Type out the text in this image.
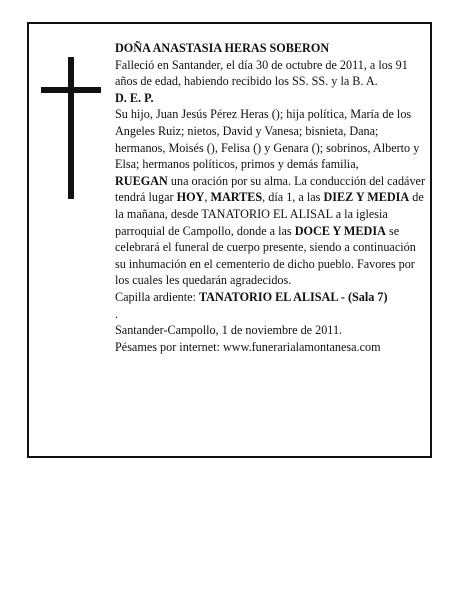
DOÑA ANASTASIA HERAS SOBERON

Falleció en Santander, el día 30 de octubre de 2011, a los 91 años de edad, habiendo recibido los SS. SS. y la B. A.

D. E. P.

Su hijo, Juan Jesús Pérez Heras (); hija política, María de los Angeles Ruiz; nietos, David y Vanesa; bisnieta, Dana; hermanos, Moisés (), Felisa () y Genara (); sobrinos, Alberto y Elsa; hermanos políticos, primos y demás familia,

RUEGAN una oración por su alma. La conducción del cadáver tendrá lugar HOY, MARTES, día 1, a las DIEZ Y MEDIA de la mañana, desde TANATORIO EL ALISAL a la iglesia parroquial de Campollo, donde a las DOCE Y MEDIA se celebrará el funeral de cuerpo presente, siendo a continuación su inhumación en el cementerio de dicho pueblo. Favores por los cuales les quedarán agradecidos.

Capilla ardiente: TANATORIO EL ALISAL - (Sala 7)

.

Santander-Campollo, 1 de noviembre de 2011.

Pésames por internet: www.funerarialamontanesa.com
